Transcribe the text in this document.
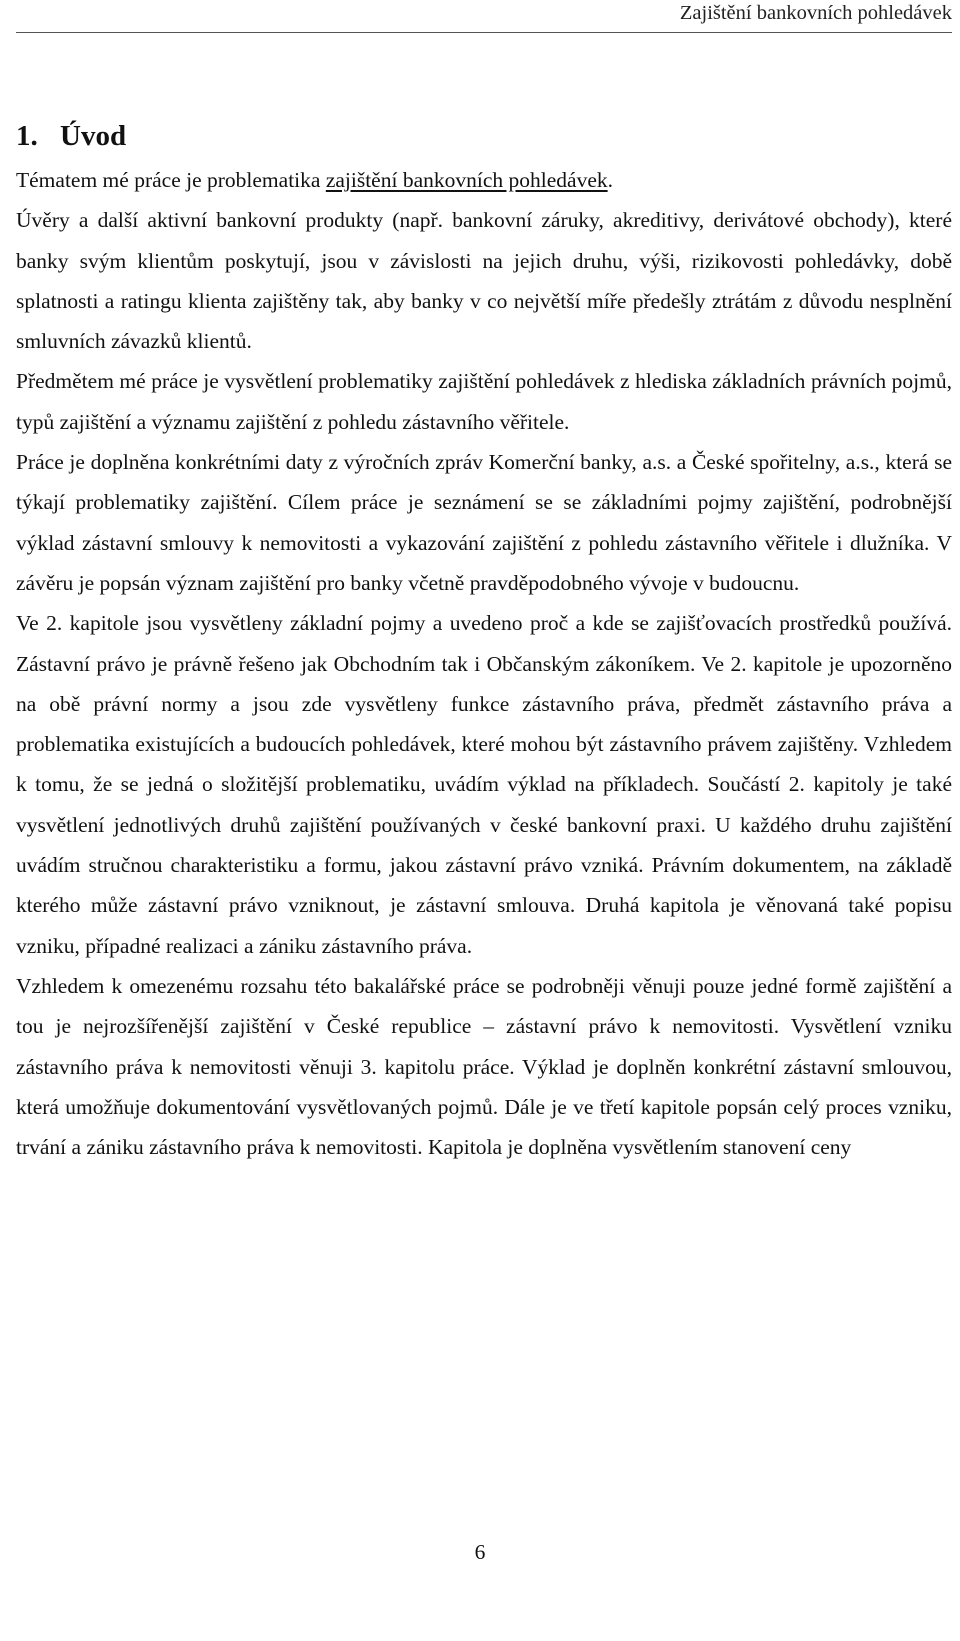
Zajištění bankovních pohledávek
1. Úvod

Tématem mé práce je problematika zajištění bankovních pohledávek.

Úvěry a další aktivní bankovní produkty (např. bankovní záruky, akreditivy, derivátové obchody), které banky svým klientům poskytují, jsou v závislosti na jejich druhu, výši, rizikovosti pohledávky, době splatnosti a ratingu klienta zajištěny tak, aby banky v co největší míře předešly ztrátám z důvodu nesplnění smluvních závazků klientů.

Předmětem mé práce je vysvětlení problematiky zajištění pohledávek z hlediska základních právních pojmů, typů zajištění a významu zajištění z pohledu zástavního věřitele.

Práce je doplněna konkrétními daty z výročních zpráv Komerční banky, a.s. a České spořitelny, a.s., která se týkají problematiky zajištění. Cílem práce je seznámení se se základními pojmy zajištění, podrobnější výklad zástavní smlouvy k nemovitosti a vykazování zajištění z pohledu zástavního věřitele i dlužníka. V závěru je popsán význam zajištění pro banky včetně pravděpodobného vývoje v budoucnu.

Ve 2. kapitole jsou vysvětleny základní pojmy a uvedeno proč a kde se zajišťovacích prostředků používá. Zástavní právo je právně řešeno jak Obchodním tak i Občanským zákoníkem. Ve 2. kapitole je upozorněno na obě právní normy a jsou zde vysvětleny funkce zástavního práva, předmět zástavního práva a problematika existujících a budoucích pohledávek, které mohou být zástavního právem zajištěny. Vzhledem k tomu, že se jedná o složitější problematiku, uvádím výklad na příkladech. Součástí 2. kapitoly je také vysvětlení jednotlivých druhů zajištění používaných v české bankovní praxi. U každého druhu zajištění uvádím stručnou charakteristiku a formu, jakou zástavní právo vzniká. Právním dokumentem, na základě kterého může zástavní právo vzniknout, je zástavní smlouva. Druhá kapitola je věnovaná také popisu vzniku, případné realizaci a zániku zástavního práva.

Vzhledem k omezenému rozsahu této bakalářské práce se podrobněji věnuji pouze jedné formě zajištění a tou je nejrozšířenější zajištění v České republice – zástavní právo k nemovitosti. Vysvětlení vzniku zástavního práva k nemovitosti věnuji 3. kapitolu práce. Výklad je doplněn konkrétní zástavní smlouvou, která umožňuje dokumentování vysvětlovaných pojmů. Dále je ve třetí kapitole popsán celý proces vzniku, trvání a zániku zástavního práva k nemovitosti. Kapitola je doplněna vysvětlením stanovení ceny

6
